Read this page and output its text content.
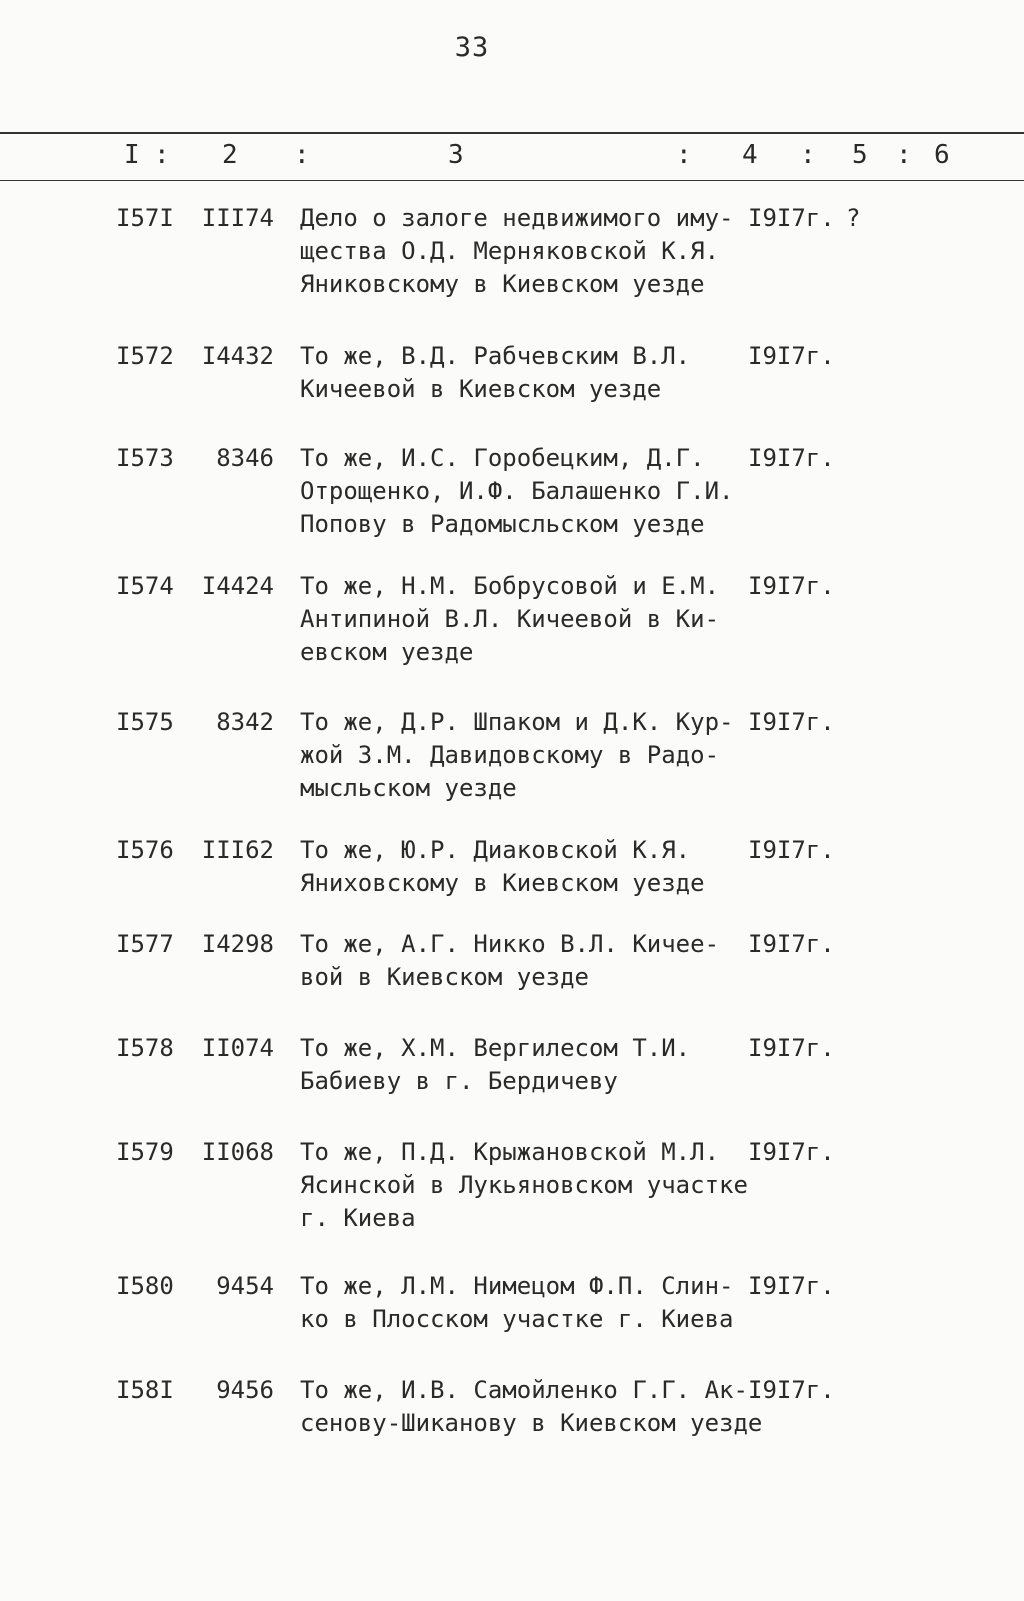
33
I : 2 :	3	: 4 : 5 : 6
I57I III74 Дело о залоге недвижимого иму-
щества О.Д. Мерняковской К.Я.
Яниковскому в Киевском уезде
I9I7г. ?
I572 I4432 То же, В.Д. Рабчевским В.Л.
Кичеевой в Киевском уезде
I9I7г.
I573	8346 То же, И.С. Горобецким, Д.Г.
Отрощенко, И.Ф. Балашенко Г.И.
Попову в Радомысльском уезде
I9I7г.
I574 I4424 То же, Н.М. Бобрусовой и Е.М.
Антипиной В.Л. Кичеевой в Ки-
евском уезде
I9I7г.
I575	8342 То же, Д.Р. Шпаком и Д.К. Кур-
жой З.М. Давидовскому в Радо-
мысльском уезде
I9I7г.
I576 III62 То же, Ю.Р. Диаковской К.Я.
Яниховскому в Киевском уезде
I9I7г.
I577 I4298 То же, А.Г. Никко В.Л. Кичее-
вой в Киевском уезде
I9I7г.
I578 II074 То же, Х.М. Вергилесом Т.И.
Бабиеву в г. Бердичеву
I9I7г.
I579 II068 То же, П.Д. Крыжановской М.Л.
Ясинской в Лукьяновском участке
г. Киева
I9I7г.
I580	9454 То же, Л.М. Нимецом Ф.П. Слин-
ко в Плосском участке г. Киева
I9I7г.
I58I	9456 То же, И.В. Самойленко Г.Г. Ак-
сенову-Шиканову в Киевском уезде
I9I7г.
